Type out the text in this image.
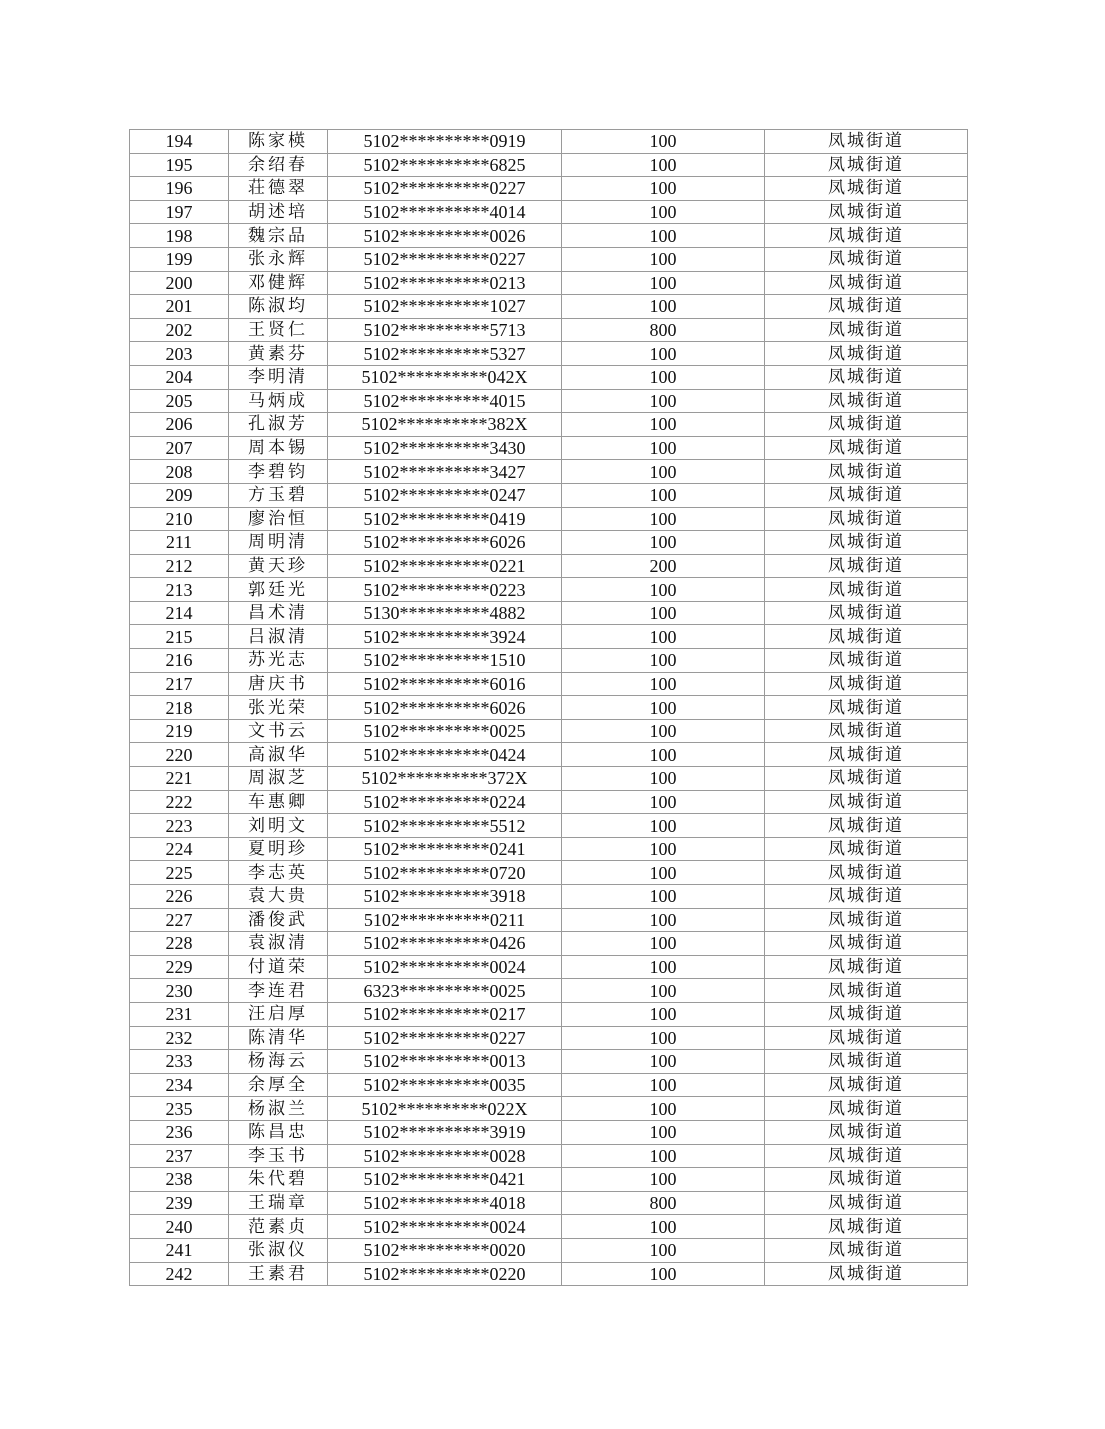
194	陈家楧	5102**********0919	100	凤城街道
195	余绍春	5102**********6825	100	凤城街道
196	荘德翠	5102**********0227	100	凤城街道
197	胡述培	5102**********4014	100	凤城街道
198	魏宗品	5102**********0026	100	凤城街道
199	张永辉	5102**********0227	100	凤城街道
200	邓健辉	5102**********0213	100	凤城街道
201	陈淑均	5102**********1027	100	凤城街道
202	王贤仁	5102**********5713	800	凤城街道
203	黄素芬	5102**********5327	100	凤城街道
204	李明清	5102**********042X	100	凤城街道
205	马炳成	5102**********4015	100	凤城街道
206	孔淑芳	5102**********382X	100	凤城街道
207	周本锡	5102**********3430	100	凤城街道
208	李碧钧	5102**********3427	100	凤城街道
209	方玉碧	5102**********0247	100	凤城街道
210	廖治恒	5102**********0419	100	凤城街道
211	周明清	5102**********6026	100	凤城街道
212	黄天珍	5102**********0221	200	凤城街道
213	郭廷光	5102**********0223	100	凤城街道
214	昌术清	5130**********4882	100	凤城街道
215	吕淑清	5102**********3924	100	凤城街道
216	苏光志	5102**********1510	100	凤城街道
217	唐庆书	5102**********6016	100	凤城街道
218	张光荣	5102**********6026	100	凤城街道
219	文书云	5102**********0025	100	凤城街道
220	高淑华	5102**********0424	100	凤城街道
221	周淑芝	5102**********372X	100	凤城街道
222	车惠卿	5102**********0224	100	凤城街道
223	刘明文	5102**********5512	100	凤城街道
224	夏明珍	5102**********0241	100	凤城街道
225	李志英	5102**********0720	100	凤城街道
226	袁大贵	5102**********3918	100	凤城街道
227	潘俊武	5102**********0211	100	凤城街道
228	袁淑清	5102**********0426	100	凤城街道
229	付道荣	5102**********0024	100	凤城街道
230	李连君	6323**********0025	100	凤城街道
231	汪启厚	5102**********0217	100	凤城街道
232	陈清华	5102**********0227	100	凤城街道
233	杨海云	5102**********0013	100	凤城街道
234	余厚全	5102**********0035	100	凤城街道
235	杨淑兰	5102**********022X	100	凤城街道
236	陈昌忠	5102**********3919	100	凤城街道
237	李玉书	5102**********0028	100	凤城街道
238	朱代碧	5102**********0421	100	凤城街道
239	王瑞章	5102**********4018	800	凤城街道
240	范素贞	5102**********0024	100	凤城街道
241	张淑仪	5102**********0020	100	凤城街道
242	王素君	5102**********0220	100	凤城街道
